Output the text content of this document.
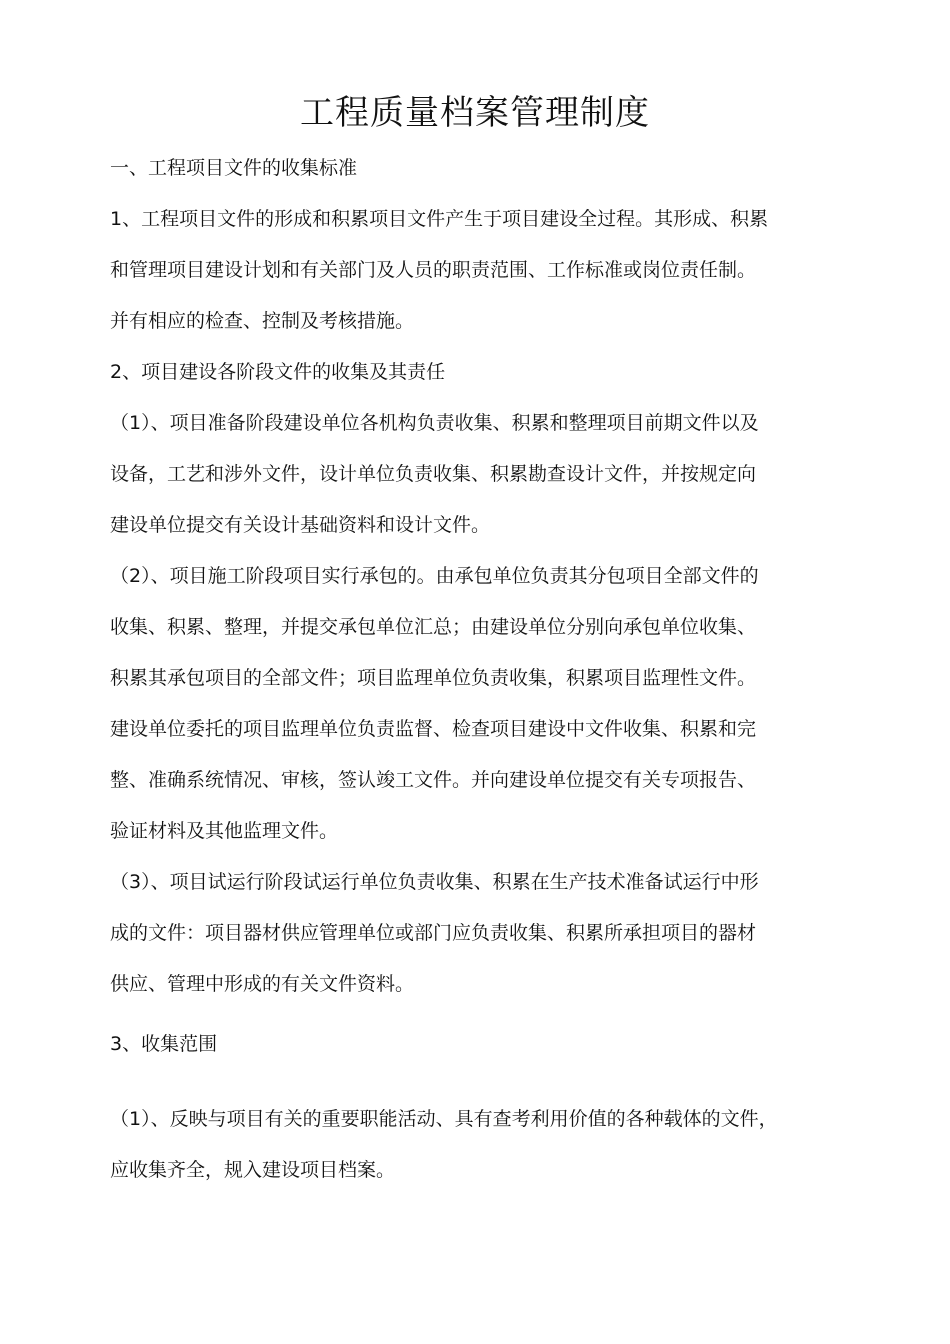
工程质量档案管理制度

一、工程项目文件的收集标准

1、工程项目文件的形成和积累项目文件产生于项目建设全过程。其形成、积累
和管理项目建设计划和有关部门及人员的职责范围、工作标准或岗位责任制。
并有相应的检查、控制及考核措施。

2、项目建设各阶段文件的收集及其责任

（1）、项目准备阶段建设单位各机构负责收集、积累和整理项目前期文件以及
设备，工艺和涉外文件，设计单位负责收集、积累勘查设计文件，并按规定向
建设单位提交有关设计基础资料和设计文件。

（2）、项目施工阶段项目实行承包的。由承包单位负责其分包项目全部文件的
收集、积累、整理，并提交承包单位汇总；由建设单位分别向承包单位收集、
积累其承包项目的全部文件；项目监理单位负责收集，积累项目监理性文件。
建设单位委托的项目监理单位负责监督、检查项目建设中文件收集、积累和完
整、准确系统情况、审核，签认竣工文件。并向建设单位提交有关专项报告、
验证材料及其他监理文件。

（3）、项目试运行阶段试运行单位负责收集、积累在生产技术准备试运行中形
成的文件：项目器材供应管理单位或部门应负责收集、积累所承担项目的器材
供应、管理中形成的有关文件资料。

3、收集范围

（1）、反映与项目有关的重要职能活动、具有查考利用价值的各种载体的文件，
应收集齐全，规入建设项目档案。
